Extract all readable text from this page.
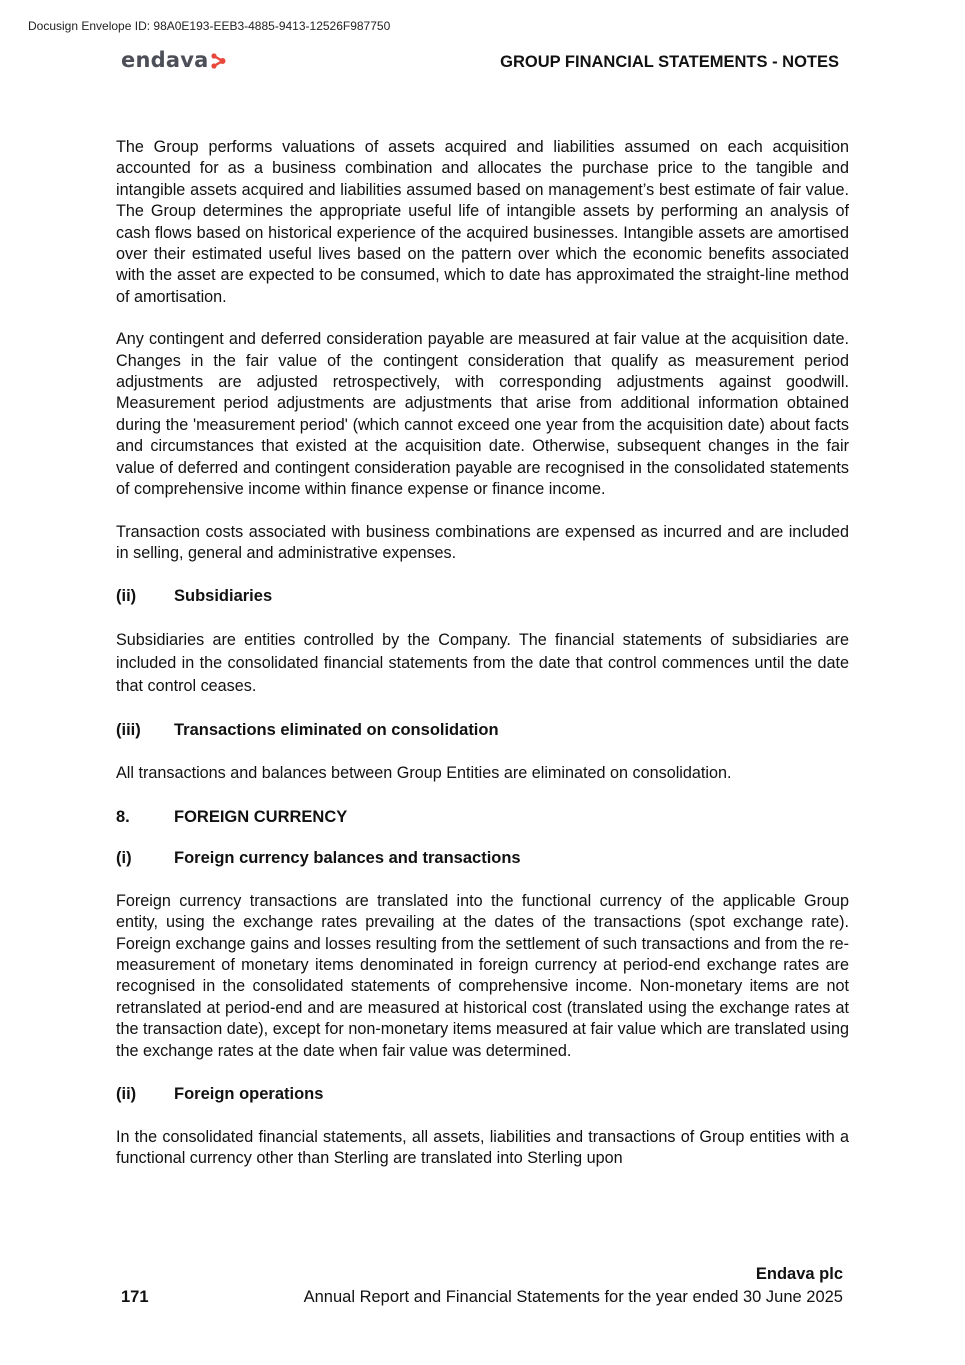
Docusign Envelope ID: 98A0E193-EEB3-4885-9413-12526F987750
endava	GROUP FINANCIAL STATEMENTS - NOTES

The Group performs valuations of assets acquired and liabilities assumed on each acquisition accounted for as a business combination and allocates the purchase price to the tangible and intangible assets acquired and liabilities assumed based on management’s best estimate of fair value. The Group determines the appropriate useful life of intangible assets by performing an analysis of cash flows based on historical experience of the acquired businesses. Intangible assets are amortised over their estimated useful lives based on the pattern over which the economic benefits associated with the asset are expected to be consumed, which to date has approximated the straight-line method of amortisation.

Any contingent and deferred consideration payable are measured at fair value at the acquisition date. Changes in the fair value of the contingent consideration that qualify as measurement period adjustments are adjusted retrospectively, with corresponding adjustments against goodwill. Measurement period adjustments are adjustments that arise from additional information obtained during the 'measurement period' (which cannot exceed one year from the acquisition date) about facts and circumstances that existed at the acquisition date. Otherwise, subsequent changes in the fair value of deferred and contingent consideration payable are recognised in the consolidated statements of comprehensive income within finance expense or finance income.

Transaction costs associated with business combinations are expensed as incurred and are included in selling, general and administrative expenses.

(ii)	Subsidiaries

Subsidiaries are entities controlled by the Company. The financial statements of subsidiaries are included in the consolidated financial statements from the date that control commences until the date that control ceases.

(iii)	Transactions eliminated on consolidation

All transactions and balances between Group Entities are eliminated on consolidation.

8.	FOREIGN CURRENCY
(i)	Foreign currency balances and transactions

Foreign currency transactions are translated into the functional currency of the applicable Group entity, using the exchange rates prevailing at the dates of the transactions (spot exchange rate). Foreign exchange gains and losses resulting from the settlement of such transactions and from the re-measurement of monetary items denominated in foreign currency at period-end exchange rates are recognised in the consolidated statements of comprehensive income. Non-monetary items are not retranslated at period-end and are measured at historical cost (translated using the exchange rates at the transaction date), except for non-monetary items measured at fair value which are translated using the exchange rates at the date when fair value was determined.

(ii)	Foreign operations

In the consolidated financial statements, all assets, liabilities and transactions of Group entities with a functional currency other than Sterling are translated into Sterling upon

Endava plc
171	Annual Report and Financial Statements for the year ended 30 June 2025
